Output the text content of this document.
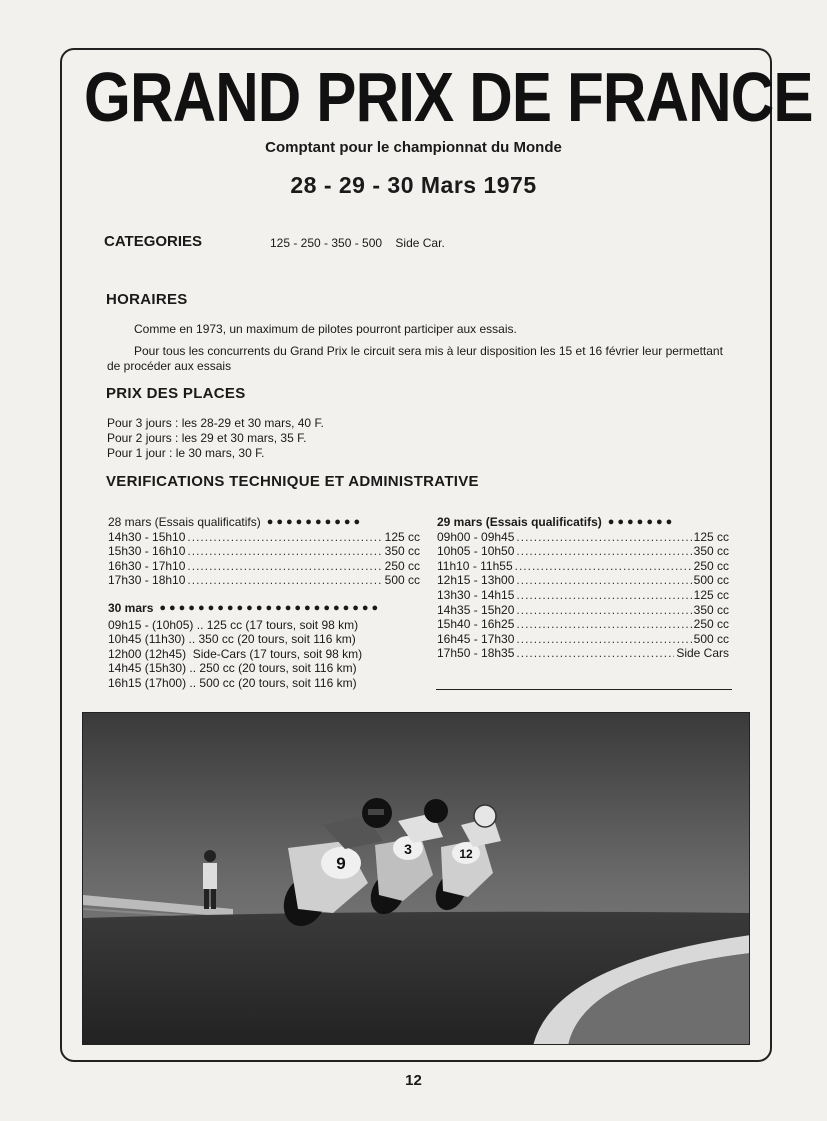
GRAND PRIX DE FRANCE
Comptant pour le championnat du Monde
28 - 29 - 30 Mars 1975
CATEGORIES	125 - 250 - 350 - 500    Side Car.
HORAIRES
Comme en 1973, un maximum de pilotes pourront participer aux essais.
Pour tous les concurrents du Grand Prix le circuit sera mis à leur disposition les 15 et 16 février leur permettant de procéder aux essais
PRIX DES PLACES
Pour 3 jours : les 28-29 et 30 mars, 40 F.
Pour 2 jours : les 29 et 30 mars, 35 F.
Pour 1 jour : le 30 mars, 30 F.
VERIFICATIONS TECHNIQUE ET ADMINISTRATIVE
28 mars (Essais qualificatifs) ●●●●●●●●●●
14h30 - 15h10 .....	125 cc
15h30 - 16h10 .....	350 cc
16h30 - 17h10 .....	250 cc
17h30 - 18h10 .....	500 cc
30 mars ●●●●●●●●●●●●●●●●●●●●●●●
09h15 - (10h05) .. 125 cc (17 tours, soit 98 km)
10h45 (11h30) .. 350 cc (20 tours, soit 116 km)
12h00 (12h45)  Side-Cars (17 tours, soit 98 km)
14h45 (15h30) .. 250 cc (20 tours, soit 116 km)
16h15 (17h00) .. 500 cc (20 tours, soit 116 km)
29 mars (Essais qualificatifs) ●●●●●●●
09h00 - 09h45 .....	125 cc
10h05 - 10h50 .....	350 cc
11h10 - 11h55 .....	250 cc
12h15 - 13h00 .....	500 cc
13h30 - 14h15 .....	125 cc
14h35 - 15h20 .....	350 cc
15h40 - 16h25 .....	250 cc
16h45 - 17h30 .....	500 cc
17h50 - 18h35 .....	Side Cars
9
3	12
12
